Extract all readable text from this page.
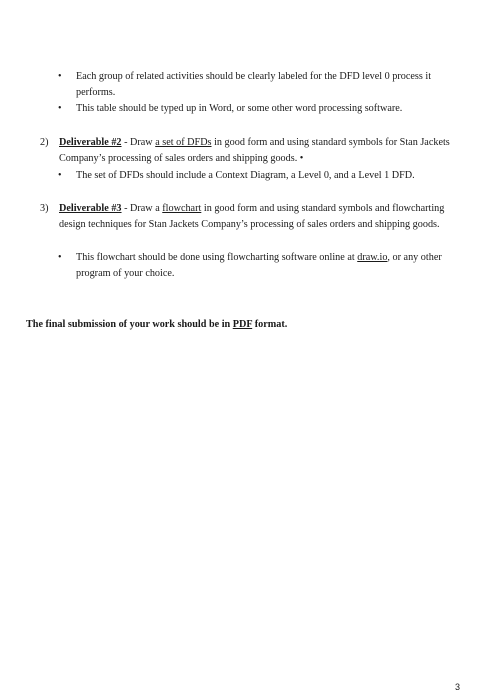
•	Each group of related activities should be clearly labeled for the DFD level 0 process it performs.
•	This table should be typed up in Word, or some other word processing software.
2)	Deliverable #2 - Draw a set of DFDs in good form and using standard symbols for Stan Jackets Company’s processing of sales orders and shipping goods. •
•	The set of DFDs should include a Context Diagram, a Level 0, and a Level 1 DFD.
3)	Deliverable #3 - Draw a flowchart in good form and using standard symbols and flowcharting design techniques for Stan Jackets Company’s processing of sales orders and shipping goods.
•	This flowchart should be done using flowcharting software online at draw.io, or any other program of your choice.
The final submission of your work should be in PDF format.
3
